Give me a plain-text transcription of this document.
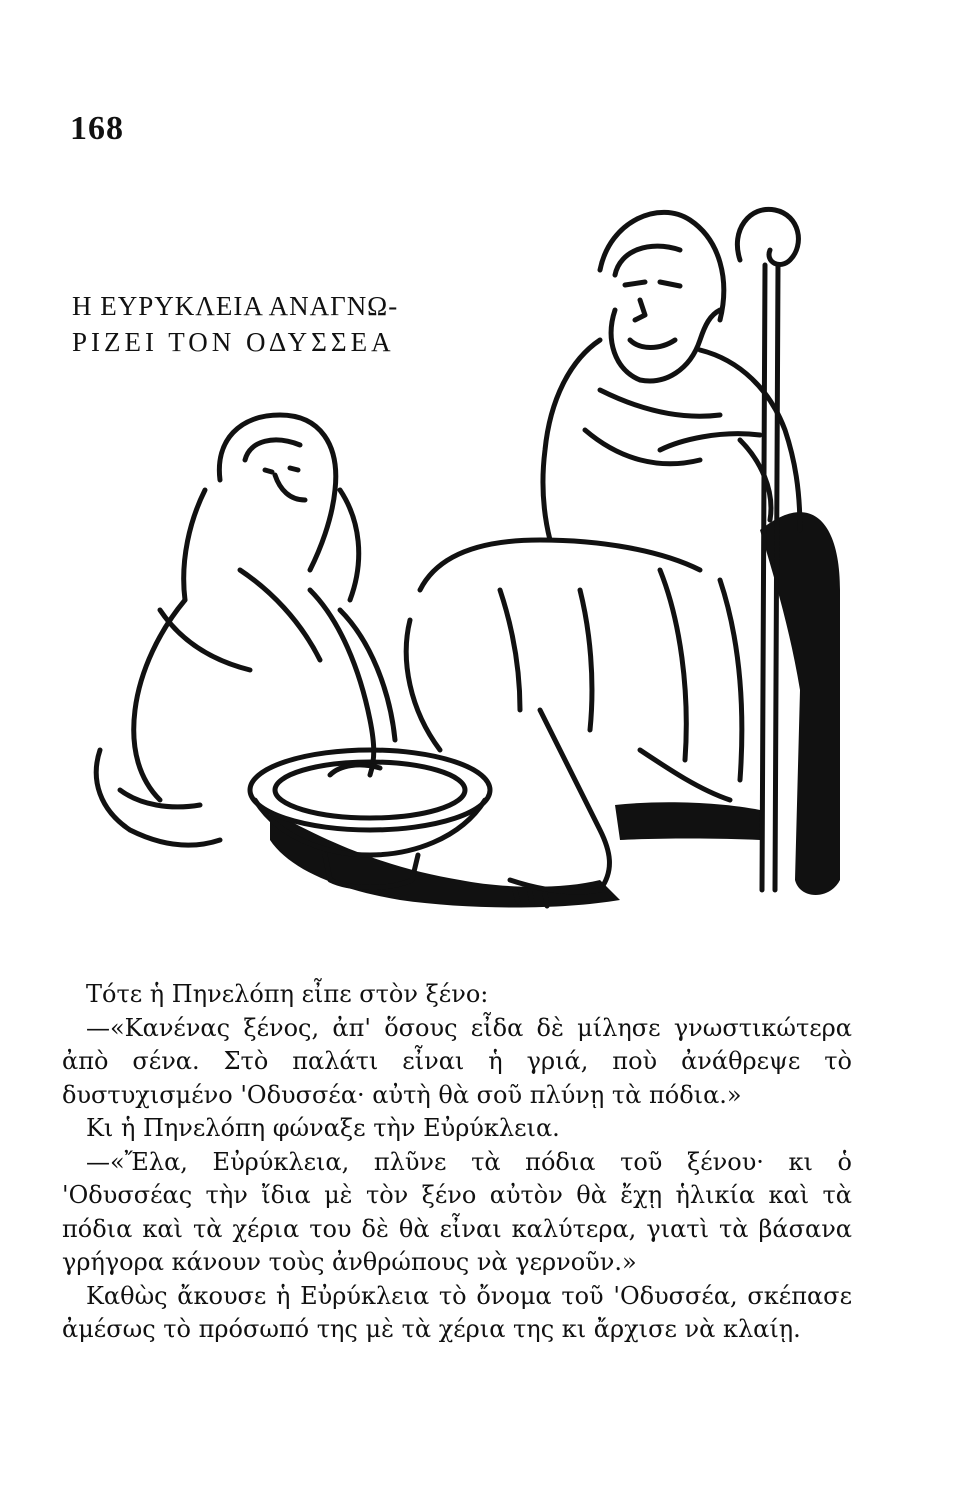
168
Η ΕΥΡΥΚΛΕΙΑ ΑΝΑΓΝΩ-
ΡΙΖΕΙ ΤΟΝ ΟΔΥΣΣΕΑ

Τότε ἡ Πηνελόπη εἶπε στὸν ξένο:

—«Κανένας ξένος, ἀπ' ὅσους εἶδα δὲ μίλησε γνωστικώτερα ἀπὸ σένα. Στὸ παλάτι εἶναι ἡ γριά, ποὺ ἀνάθρεψε τὸ δυστυχισμένο 'Οδυσσέα· αὐτὴ θὰ σοῦ πλύνῃ τὰ πόδια.»

Κι ἡ Πηνελόπη φώναξε τὴν Εὐρύκλεια.

—«Ἔλα, Εὐρύκλεια, πλῦνε τὰ πόδια τοῦ ξένου· κι ὁ 'Οδυσσέας τὴν ἴδια μὲ τὸν ξένο αὐτὸν θὰ ἔχῃ ἡλικία καὶ τὰ πόδια καὶ τὰ χέρια του δὲ θὰ εἶναι καλύτερα, γιατὶ τὰ βάσανα γρήγορα κάνουν τοὺς ἀνθρώπους νὰ γερνοῦν.»

Καθὼς ἄκουσε ἡ Εὐρύκλεια τὸ ὄνομα τοῦ 'Οδυσσέα, σκέπασε ἀμέσως τὸ πρόσωπό της μὲ τὰ χέρια της κι ἄρχισε νὰ κλαίῃ.
